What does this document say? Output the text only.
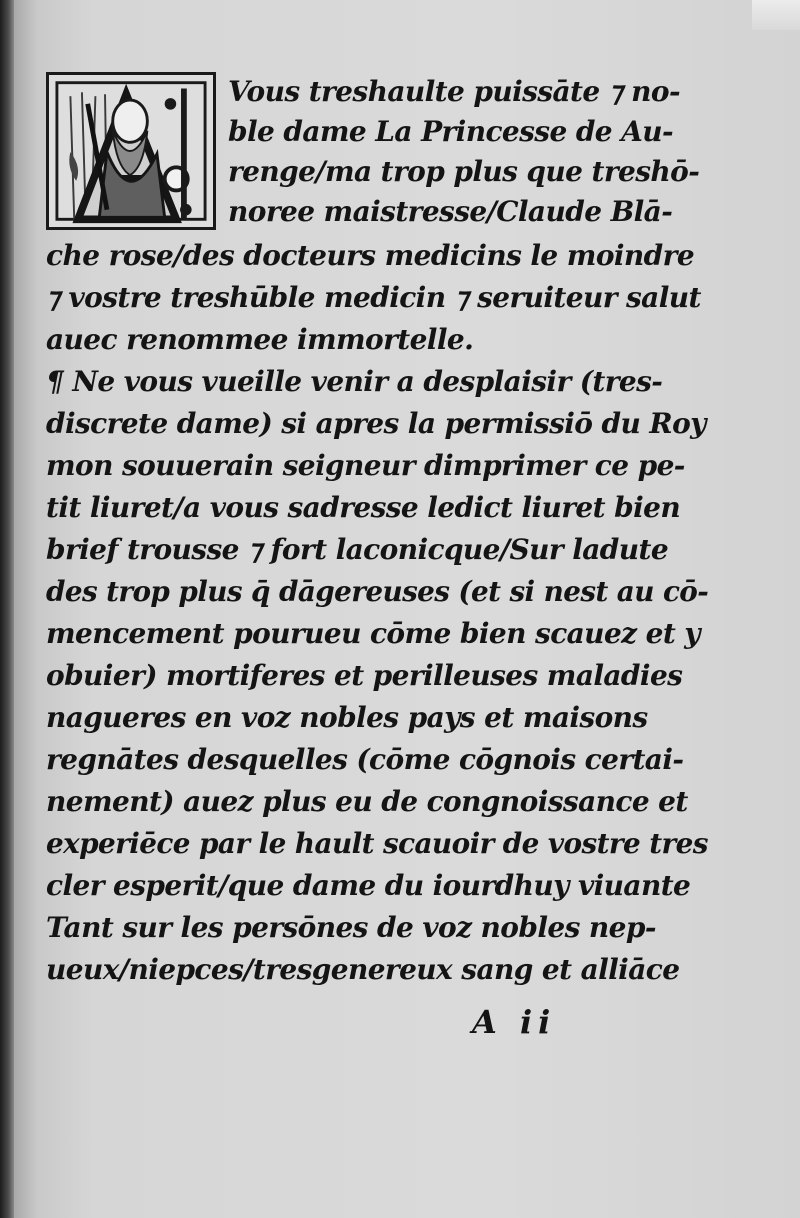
Vous treshaulte puissāte ⁊ no-
ble dame La Princesse de Au-
renge/ma trop plus que treshō-
noree maistresse/Claude Blā-
che rose/des docteurs medicins le moindre
⁊ vostre treshūble medicin ⁊ seruiteur salut
auec renommee immortelle.
¶ Ne vous vueille venir a desplaisir (tres-
discrete dame) si apres la permissiō du Roy
mon souuerain seigneur dimprimer ce pe-
tit liuret/a vous sadresse ledict liuret bien
brief trousse ⁊ fort laconicque/Sur ladute
des trop plus q̄ dāgereuses (et si nest au cō-
mencement pourueu cōme bien scauez et y
obuier) mortiferes et perilleuses maladies
nagueres en voz nobles pays et maisons
regnātes desquelles (cōme cōgnois certai-
nement) auez plus eu de congnoissance et
experiēce par le hault scauoir de vostre tres
cler esperit/que dame du iourdhuy viuante
Tant sur les persōnes de voz nobles nep-
ueux/niepces/tresgenereux sang et alliāce
A ii
